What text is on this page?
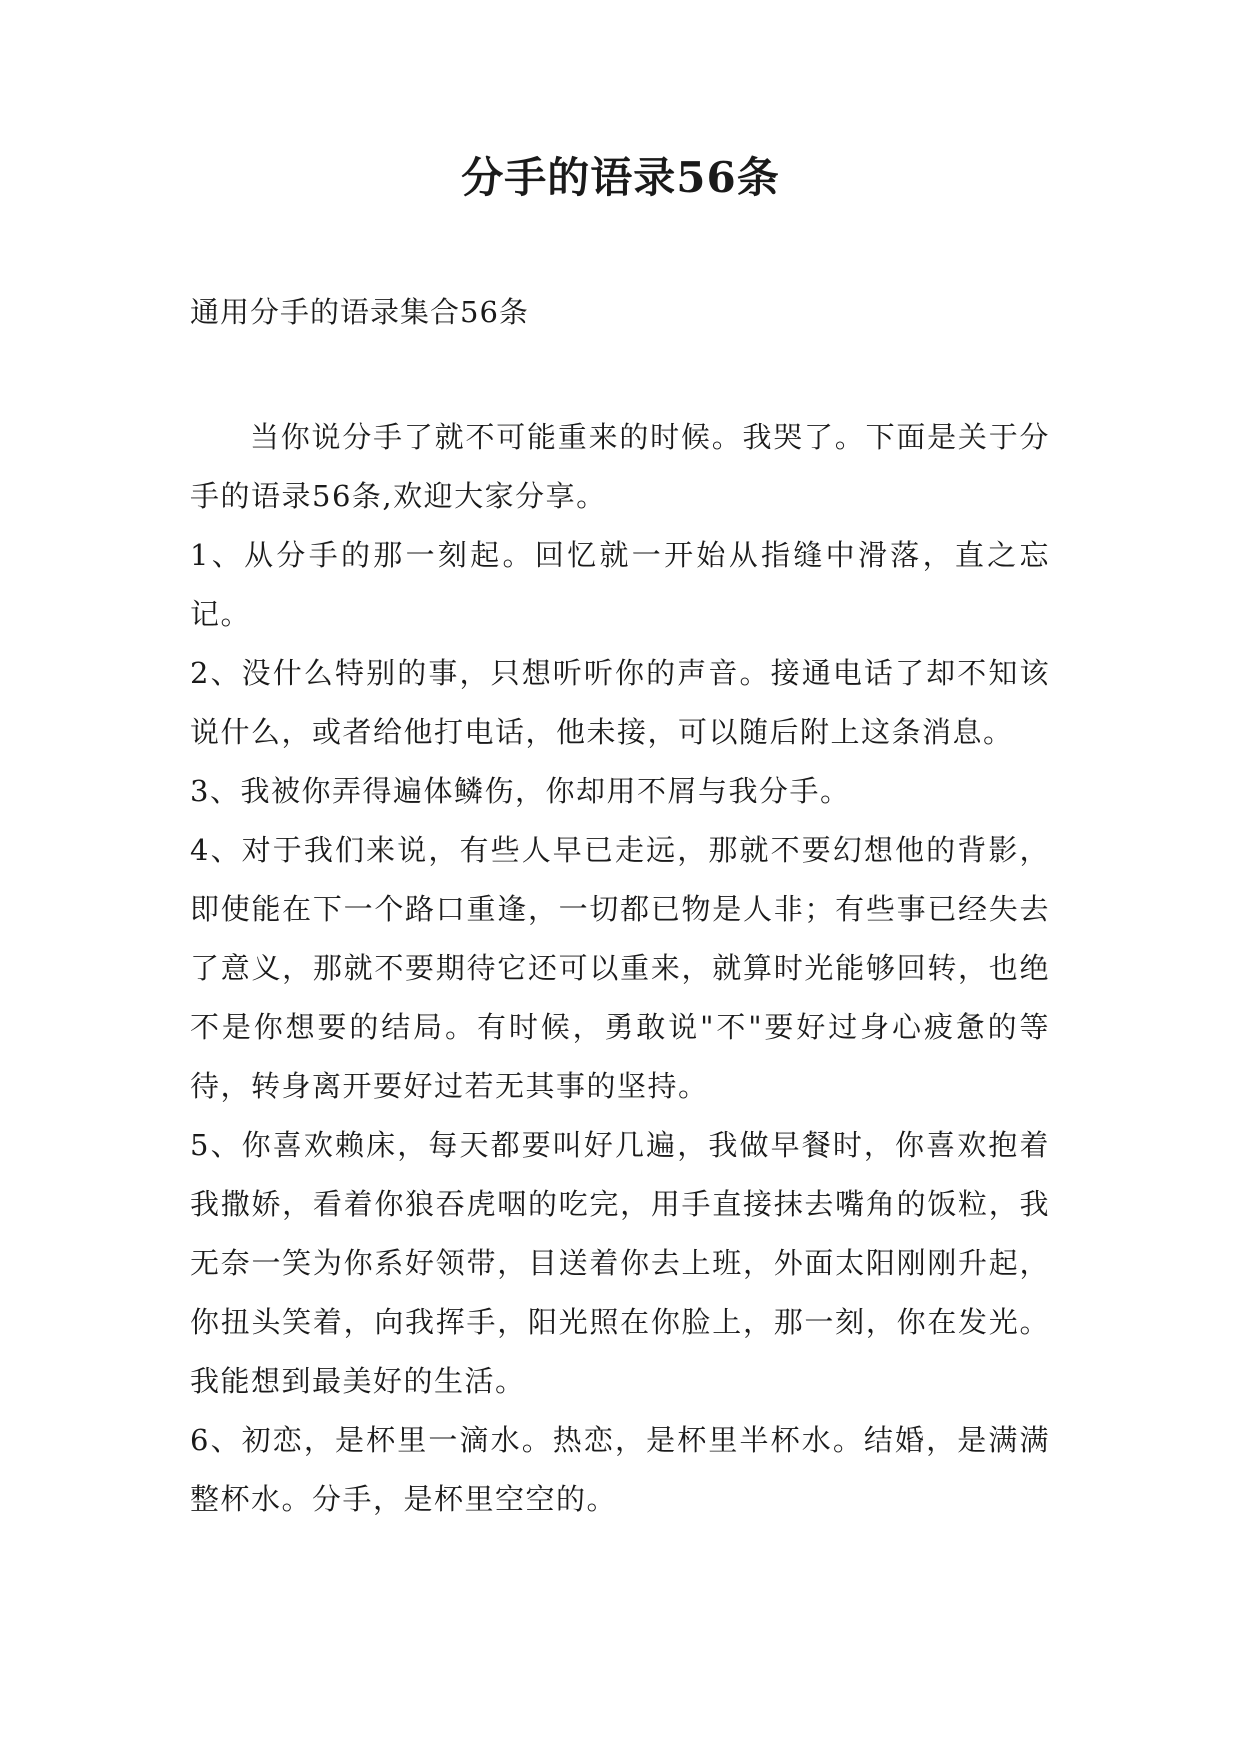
分手的语录56条

通用分手的语录集合56条

当你说分手了就不可能重来的时候。我哭了。下面是关于分手的语录56条,欢迎大家分享。

1、从分手的那一刻起。回忆就一开始从指缝中滑落，直之忘记。

2、没什么特别的事，只想听听你的声音。接通电话了却不知该说什么，或者给他打电话，他未接，可以随后附上这条消息。

3、我被你弄得遍体鳞伤，你却用不屑与我分手。

4、对于我们来说，有些人早已走远，那就不要幻想他的背影，即使能在下一个路口重逢，一切都已物是人非；有些事已经失去了意义，那就不要期待它还可以重来，就算时光能够回转，也绝不是你想要的结局。有时候，勇敢说"不"要好过身心疲惫的等待，转身离开要好过若无其事的坚持。

5、你喜欢赖床，每天都要叫好几遍，我做早餐时，你喜欢抱着我撒娇，看着你狼吞虎咽的吃完，用手直接抹去嘴角的饭粒，我无奈一笑为你系好领带，目送着你去上班，外面太阳刚刚升起，你扭头笑着，向我挥手，阳光照在你脸上，那一刻，你在发光。我能想到最美好的生活。

6、初恋，是杯里一滴水。热恋，是杯里半杯水。结婚，是满满整杯水。分手，是杯里空空的。
